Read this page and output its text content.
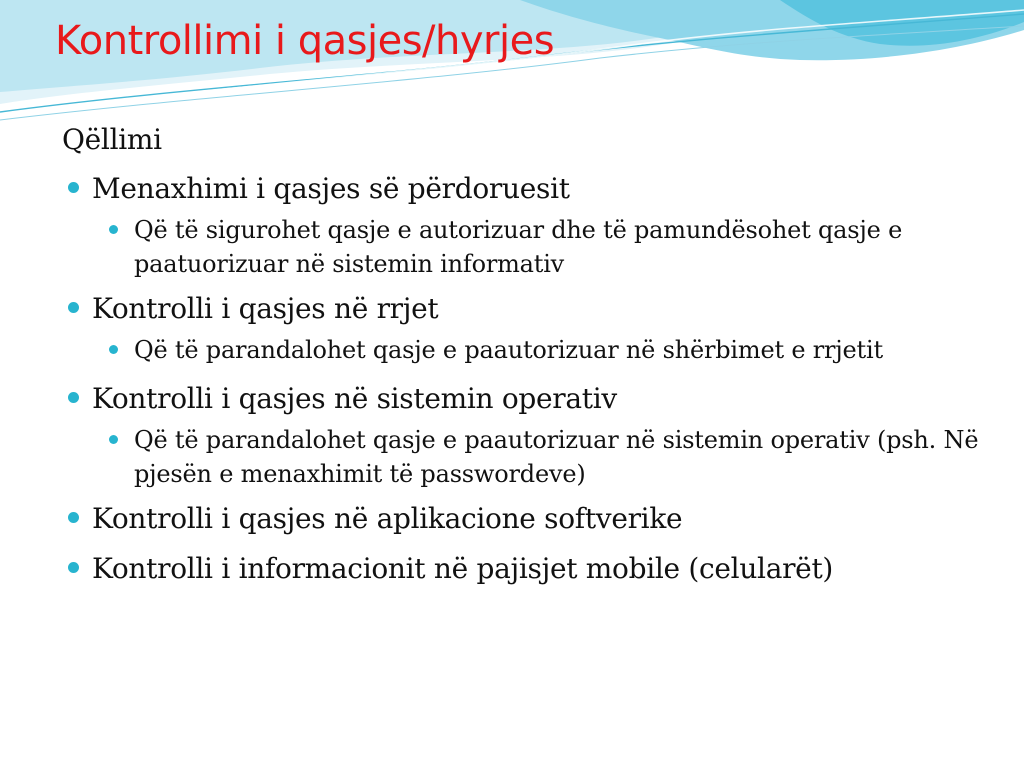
Kontrollimi i qasjes/hyrjes
Qëllimi
Menaxhimi i qasjes së përdoruesit
Që të sigurohet qasje e autorizuar dhe të pamundësohet qasje e paatuorizuar në sistemin informativ
Kontrolli i qasjes në rrjet
Që të parandalohet qasje e paautorizuar në shërbimet e rrjetit
Kontrolli i qasjes në sistemin operativ
Që të parandalohet qasje e paautorizuar në sistemin operativ (psh. Në pjesën e menaxhimit të passwordeve)
Kontrolli i qasjes në aplikacione softverike
Kontrolli i informacionit në pajisjet mobile (celularët)
